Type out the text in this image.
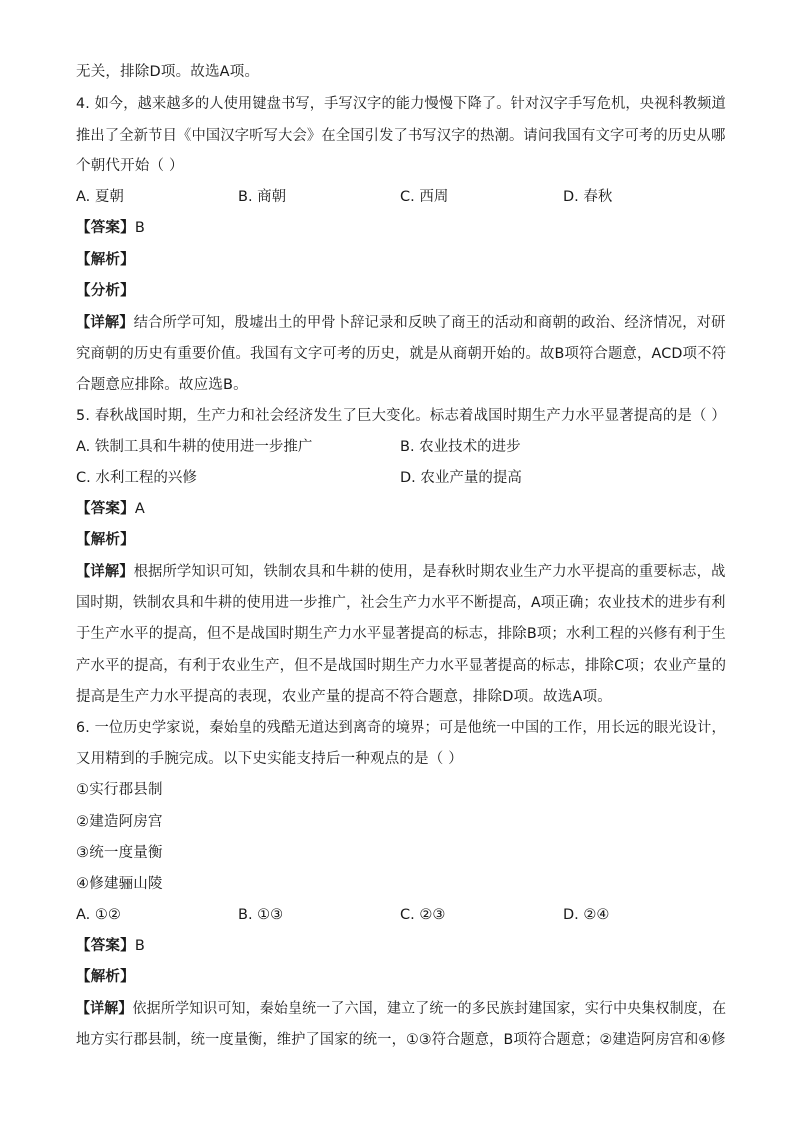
无关，排除D项。故选A项。
4. 如今，越来越多的人使用键盘书写，手写汉字的能力慢慢下降了。针对汉字手写危机，央视科教频道
推出了全新节目《中国汉字听写大会》在全国引发了书写汉字的热潮。请问我国有文字可考的历史从哪
个朝代开始（ ）
A. 夏朝	B. 商朝	C. 西周	D. 春秋
【答案】B
【解析】
【分析】
【详解】结合所学可知，殷墟出土的甲骨卜辞记录和反映了商王的活动和商朝的政治、经济情况，对研
究商朝的历史有重要价值。我国有文字可考的历史，就是从商朝开始的。故B项符合题意，ACD项不符
合题意应排除。故应选B。
5. 春秋战国时期，生产力和社会经济发生了巨大变化。标志着战国时期生产力水平显著提高的是（ ）
A. 铁制工具和牛耕的使用进一步推广	B. 农业技术的进步
C. 水利工程的兴修	D. 农业产量的提高
【答案】A
【解析】
【详解】根据所学知识可知，铁制农具和牛耕的使用，是春秋时期农业生产力水平提高的重要标志，战
国时期，铁制农具和牛耕的使用进一步推广，社会生产力水平不断提高，A项正确；农业技术的进步有利
于生产水平的提高，但不是战国时期生产力水平显著提高的标志，排除B项；水利工程的兴修有利于生
产水平的提高，有利于农业生产，但不是战国时期生产力水平显著提高的标志，排除C项；农业产量的
提高是生产力水平提高的表现，农业产量的提高不符合题意，排除D项。故选A项。
6. 一位历史学家说，秦始皇的残酷无道达到离奇的境界；可是他统一中国的工作，用长远的眼光设计，
又用精到的手腕完成。以下史实能支持后一种观点的是（ ）
①实行郡县制
②建造阿房宫
③统一度量衡
④修建骊山陵
A. ①②	B. ①③	C. ②③	D. ②④
【答案】B
【解析】
【详解】依据所学知识可知，秦始皇统一了六国，建立了统一的多民族封建国家，实行中央集权制度，在
地方实行郡县制，统一度量衡，维护了国家的统一，①③符合题意，B项符合题意；②建造阿房宫和④修
